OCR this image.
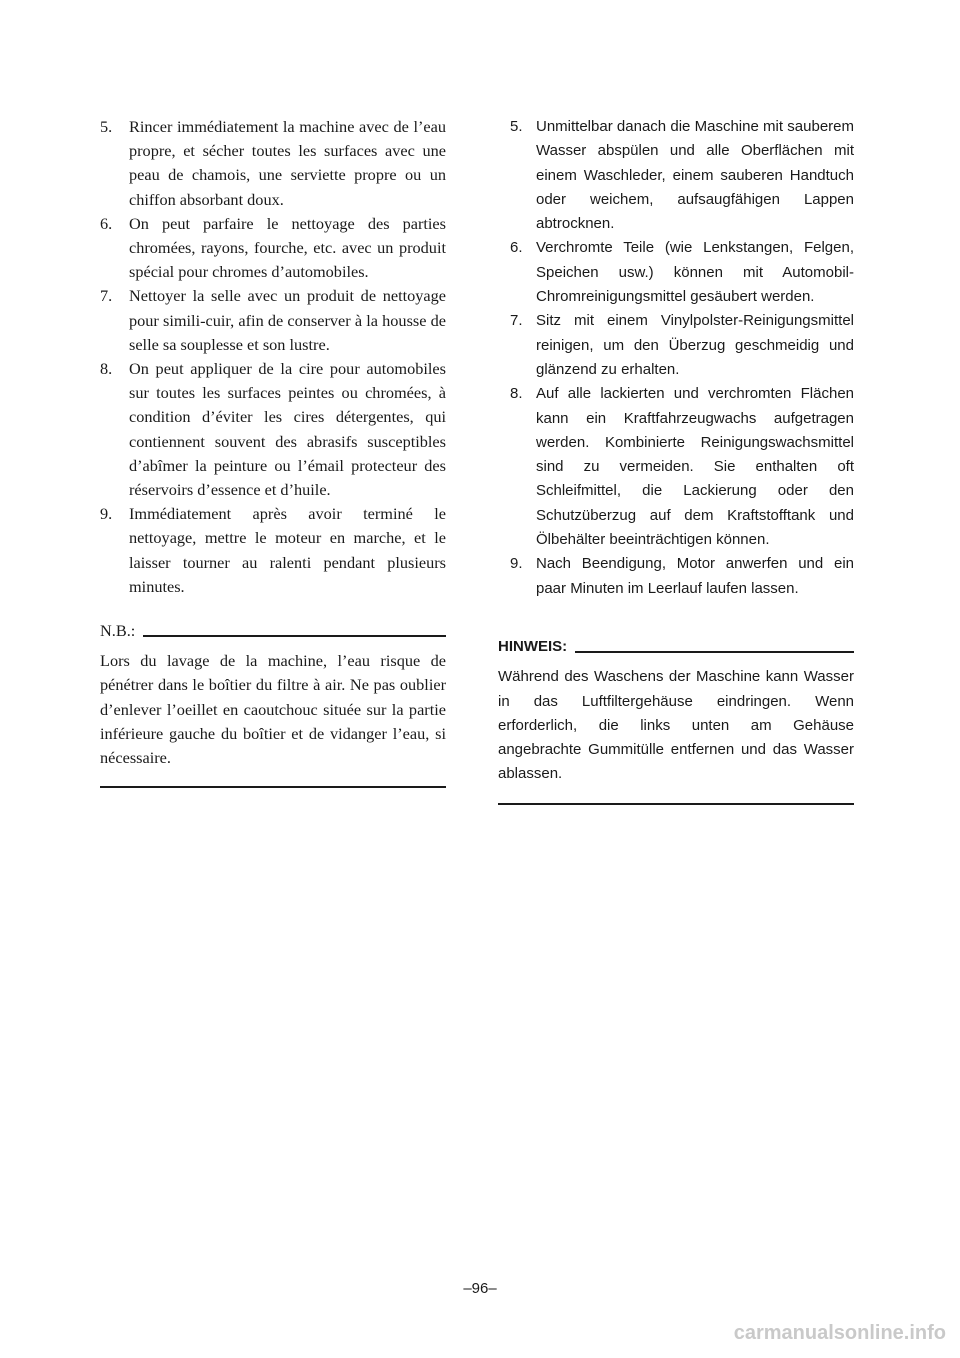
5. Rincer immédiatement la machine avec de l’eau propre, et sécher toutes les surfaces avec une peau de chamois, une serviette propre ou un chiffon absorbant doux.
6. On peut parfaire le nettoyage des parties chromées, rayons, fourche, etc. avec un produit spécial pour chromes d’automobiles.
7. Nettoyer la selle avec un produit de nettoyage pour simili-cuir, afin de conserver à la housse de selle sa souplesse et son lustre.
8. On peut appliquer de la cire pour automobiles sur toutes les surfaces peintes ou chromées, à condition d’éviter les cires détergentes, qui contiennent souvent des abrasifs susceptibles d’abîmer la peinture ou l’émail protecteur des réservoirs d’essence et d’huile.
9. Immédiatement après avoir terminé le nettoyage, mettre le moteur en marche, et le laisser tourner au ralenti pendant plusieurs minutes.
N.B.:
Lors du lavage de la machine, l’eau risque de pénétrer dans le boîtier du filtre à air. Ne pas oublier d’enlever l’oeillet en caoutchouc située sur la partie inférieure gauche du boîtier et de vidanger l’eau, si nécessaire.
5. Unmittelbar danach die Maschine mit sauberem Wasser abspülen und alle Oberflächen mit einem Waschleder, einem sauberen Handtuch oder weichem, aufsaugfähigen Lappen abtrocknen.
6. Verchromte Teile (wie Lenkstangen, Felgen, Speichen usw.) können mit Automobil-Chromreinigungsmittel gesäubert werden.
7. Sitz mit einem Vinylpolster-Reinigungsmittel reinigen, um den Überzug geschmeidig und glänzend zu erhalten.
8. Auf alle lackierten und verchromten Flächen kann ein Kraftfahrzeugwachs aufgetragen werden. Kombinierte Reinigungswachsmittel sind zu vermeiden. Sie enthalten oft Schleifmittel, die Lackierung oder den Schutzüberzug auf dem Kraftstofftank und Ölbehälter beeinträchtigen können.
9. Nach Beendigung, Motor anwerfen und ein paar Minuten im Leerlauf laufen lassen.
HINWEIS:
Während des Waschens der Maschine kann Wasser in das Luftfiltergehäuse eindringen. Wenn erforderlich, die links unten am Gehäuse angebrachte Gummitülle entfernen und das Wasser ablassen.
–96–
carmanualsonline.info
